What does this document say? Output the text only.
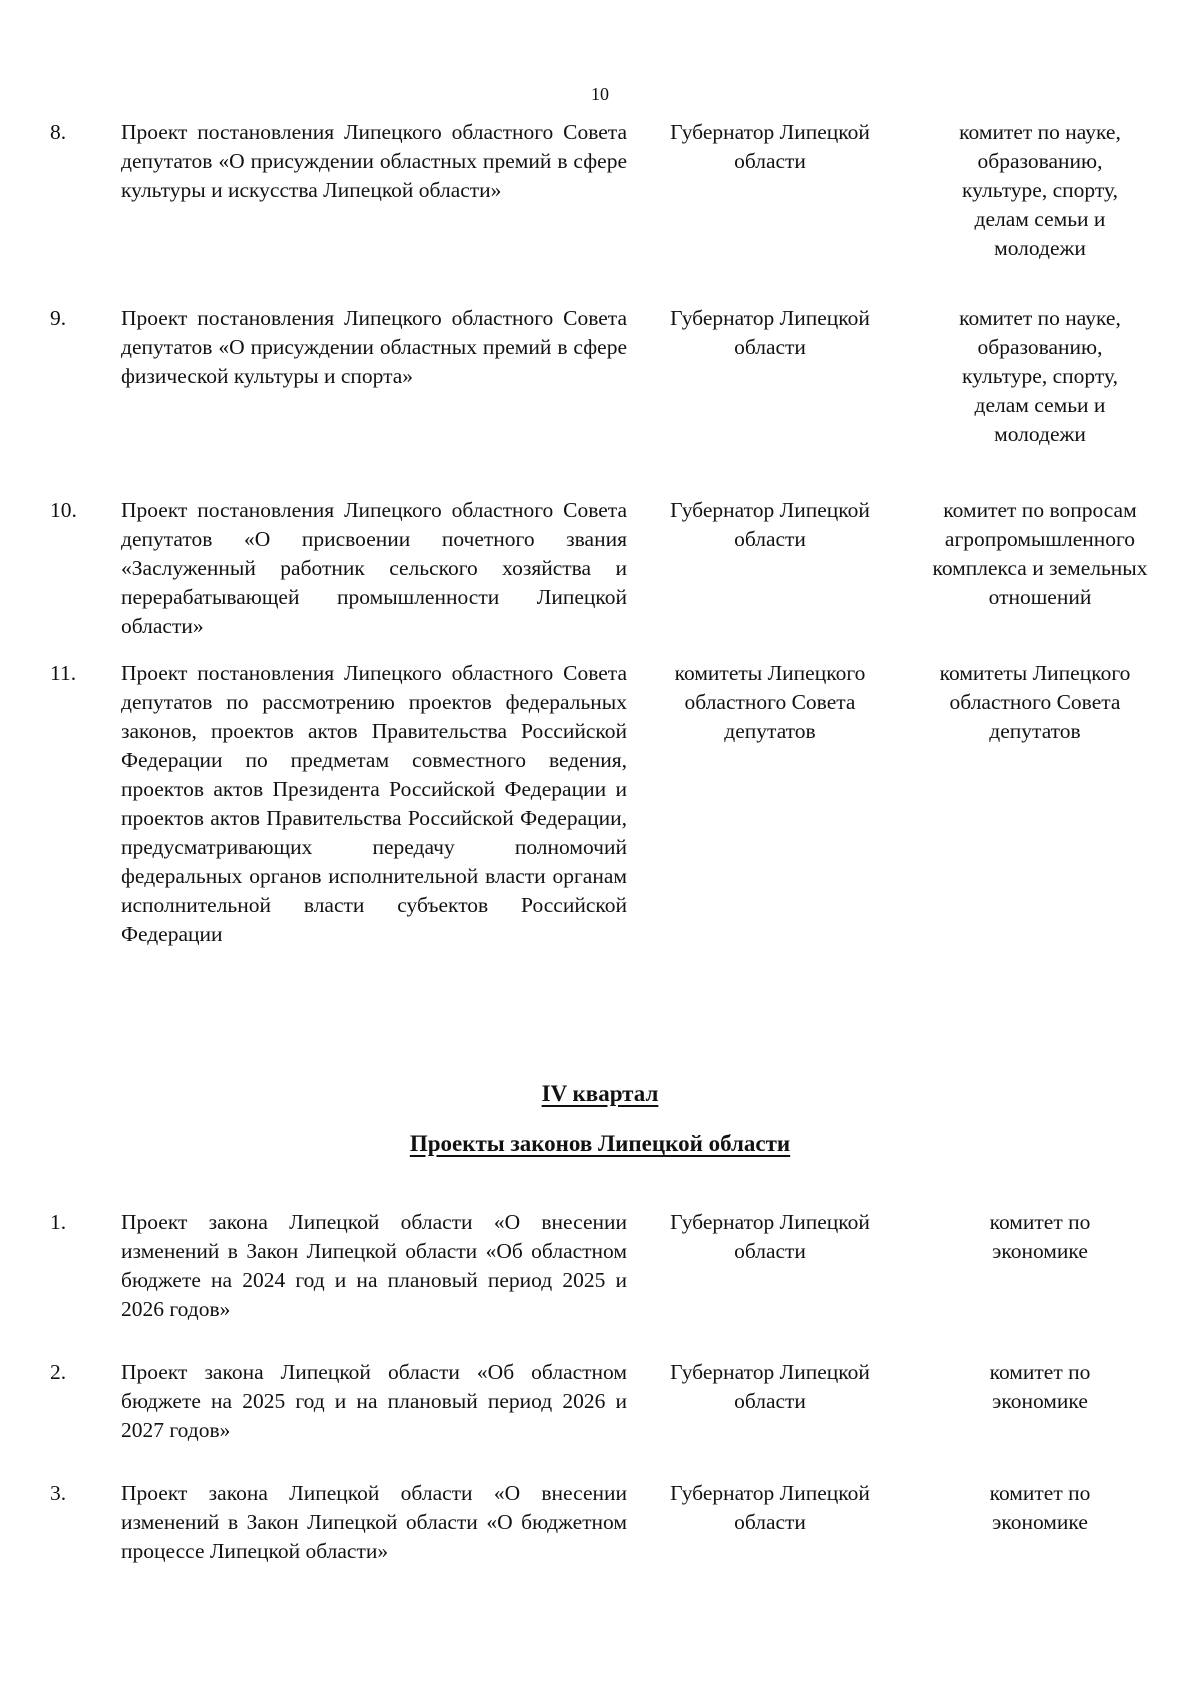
10
8.	Проект постановления Липецкого областного Совета депутатов «О присуждении областных премий в сфере культуры и искусства Липецкой области»
Губернатор Липецкой области
комитет по науке, образованию, культуре, спорту, делам семьи и молодежи
9.	Проект постановления Липецкого областного Совета депутатов «О присуждении областных премий в сфере физической культуры и спорта»
Губернатор Липецкой области
комитет по науке, образованию, культуре, спорту, делам семьи и молодежи
10.	Проект постановления Липецкого областного Совета депутатов «О присвоении почетного звания «Заслуженный работник сельского хозяйства и перерабатывающей промышленности Липецкой области»
Губернатор Липецкой области
комитет по вопросам агропромышленного комплекса и земельных отношений
11.	Проект постановления Липецкого областного Совета депутатов по рассмотрению проектов федеральных законов, проектов актов Правительства Российской Федерации по предметам совместного ведения, проектов актов Президента Российской Федерации и проектов актов Правительства Российской Федерации, предусматривающих передачу полномочий федеральных органов исполнительной власти органам исполнительной власти субъектов Российской Федерации
комитеты Липецкого областного Совета депутатов
комитеты Липецкого областного Совета депутатов
IV квартал
Проекты законов Липецкой области
1.	Проект закона Липецкой области «О внесении изменений в Закон Липецкой области «Об областном бюджете на 2024 год и на плановый период 2025 и 2026 годов»
Губернатор Липецкой области
комитет по экономике
2.	Проект закона Липецкой области «Об областном бюджете на 2025 год и на плановый период 2026 и 2027 годов»
Губернатор Липецкой области
комитет по экономике
3.	Проект закона Липецкой области «О внесении изменений в Закон Липецкой области «О бюджетном процессе Липецкой области»
Губернатор Липецкой области
комитет по экономике
